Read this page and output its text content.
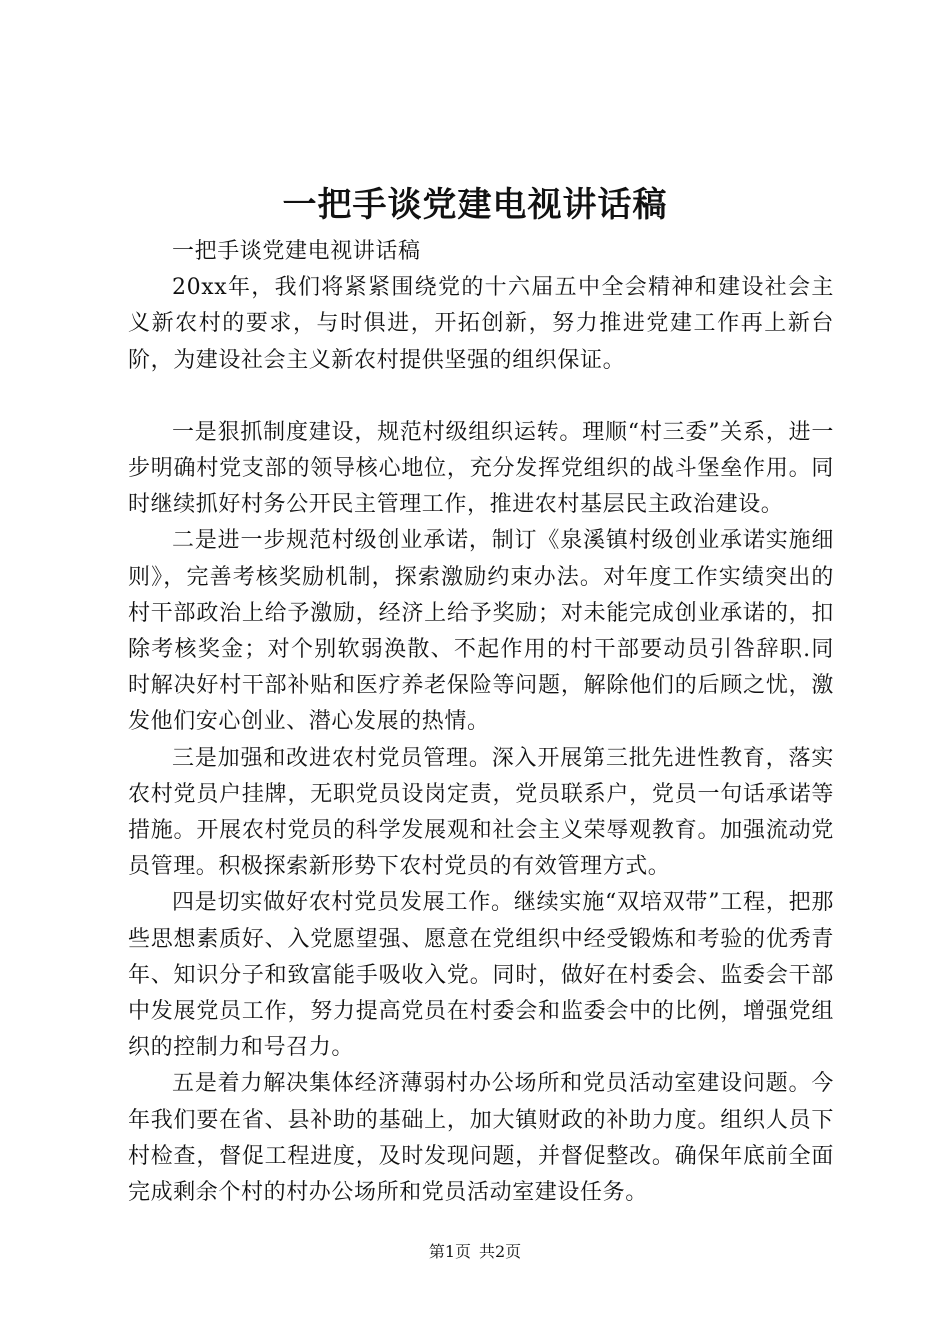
一把手谈党建电视讲话稿

一把手谈党建电视讲话稿

20xx年，我们将紧紧围绕党的十六届五中全会精神和建设社会主义新农村的要求，与时俱进，开拓创新，努力推进党建工作再上新台阶，为建设社会主义新农村提供坚强的组织保证。

一是狠抓制度建设，规范村级组织运转。理顺“村三委”关系，进一步明确村党支部的领导核心地位，充分发挥党组织的战斗堡垒作用。同时继续抓好村务公开民主管理工作，推进农村基层民主政治建设。

二是进一步规范村级创业承诺，制订《泉溪镇村级创业承诺实施细则》，完善考核奖励机制，探索激励约束办法。对年度工作实绩突出的村干部政治上给予激励，经济上给予奖励；对未能完成创业承诺的，扣除考核奖金；对个别软弱涣散、不起作用的村干部要动员引咎辞职.同时解决好村干部补贴和医疗养老保险等问题，解除他们的后顾之忧，激发他们安心创业、潜心发展的热情。

三是加强和改进农村党员管理。深入开展第三批先进性教育，落实农村党员户挂牌，无职党员设岗定责，党员联系户，党员一句话承诺等措施。开展农村党员的科学发展观和社会主义荣辱观教育。加强流动党员管理。积极探索新形势下农村党员的有效管理方式。

四是切实做好农村党员发展工作。继续实施“双培双带”工程，把那些思想素质好、入党愿望强、愿意在党组织中经受锻炼和考验的优秀青年、知识分子和致富能手吸收入党。同时，做好在村委会、监委会干部中发展党员工作，努力提高党员在村委会和监委会中的比例，增强党组织的控制力和号召力。

五是着力解决集体经济薄弱村办公场所和党员活动室建设问题。今年我们要在省、县补助的基础上，加大镇财政的补助力度。组织人员下村检查，督促工程进度，及时发现问题，并督促整改。确保年底前全面完成剩余个村的村办公场所和党员活动室建设任务。

第1页 共2页
